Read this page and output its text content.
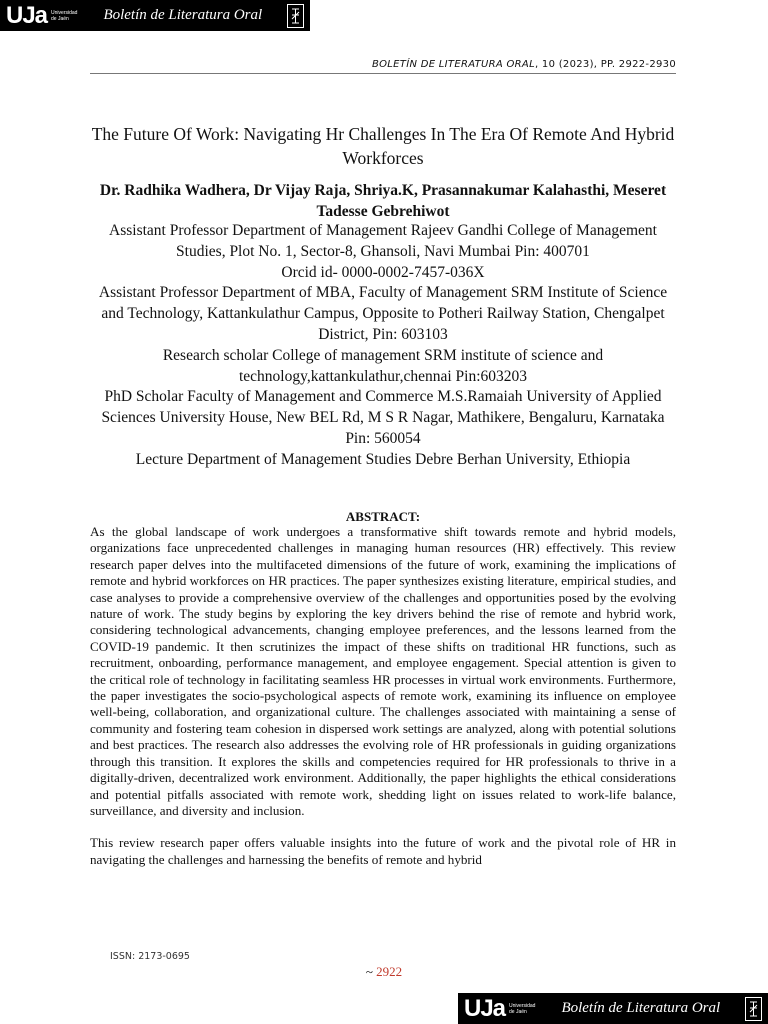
UJa Universidad
de Jaén	Boletín de Literatura Oral
BOLETÍN DE LITERATURA ORAL, 10 (2023), PP. 2922-2930
The Future Of Work: Navigating Hr Challenges In The Era Of Remote And Hybrid Workforces
Dr. Radhika Wadhera, Dr Vijay Raja, Shriya.K, Prasannakumar Kalahasthi, Meseret Tadesse Gebrehiwot

Assistant Professor Department of Management Rajeev Gandhi College of Management Studies, Plot No. 1, Sector-8, Ghansoli, Navi Mumbai Pin: 400701

Orcid id- 0000-0002-7457-036X

Assistant Professor Department of MBA, Faculty of Management SRM Institute of Science and Technology, Kattankulathur Campus, Opposite to Potheri Railway Station, Chengalpet District, Pin: 603103

Research scholar College of management SRM institute of science and technology,kattankulathur,chennai Pin:603203

PhD Scholar Faculty of Management and Commerce M.S.Ramaiah University of Applied Sciences University House, New BEL Rd, M S R Nagar, Mathikere, Bengaluru, Karnataka Pin: 560054

Lecture Department of Management Studies Debre Berhan University, Ethiopia

ABSTRACT:

As the global landscape of work undergoes a transformative shift towards remote and hybrid models, organizations face unprecedented challenges in managing human resources (HR) effectively. This review research paper delves into the multifaceted dimensions of the future of work, examining the implications of remote and hybrid workforces on HR practices. The paper synthesizes existing literature, empirical studies, and case analyses to provide a comprehensive overview of the challenges and opportunities posed by the evolving nature of work. The study begins by exploring the key drivers behind the rise of remote and hybrid work, considering technological advancements, changing employee preferences, and the lessons learned from the COVID-19 pandemic. It then scrutinizes the impact of these shifts on traditional HR functions, such as recruitment, onboarding, performance management, and employee engagement. Special attention is given to the critical role of technology in facilitating seamless HR processes in virtual work environments. Furthermore, the paper investigates the socio-psychological aspects of remote work, examining its influence on employee well-being, collaboration, and organizational culture. The challenges associated with maintaining a sense of community and fostering team cohesion in dispersed work settings are analyzed, along with potential solutions and best practices. The research also addresses the evolving role of HR professionals in guiding organizations through this transition. It explores the skills and competencies required for HR professionals to thrive in a digitally-driven, decentralized work environment. Additionally, the paper highlights the ethical considerations and potential pitfalls associated with remote work, shedding light on issues related to work-life balance, surveillance, and diversity and inclusion.

This review research paper offers valuable insights into the future of work and the pivotal role of HR in navigating the challenges and harnessing the benefits of remote and hybrid

ISSN: 2173-0695
~ 2922
UJa Universidad
de Jaén	Boletín de Literatura Oral
